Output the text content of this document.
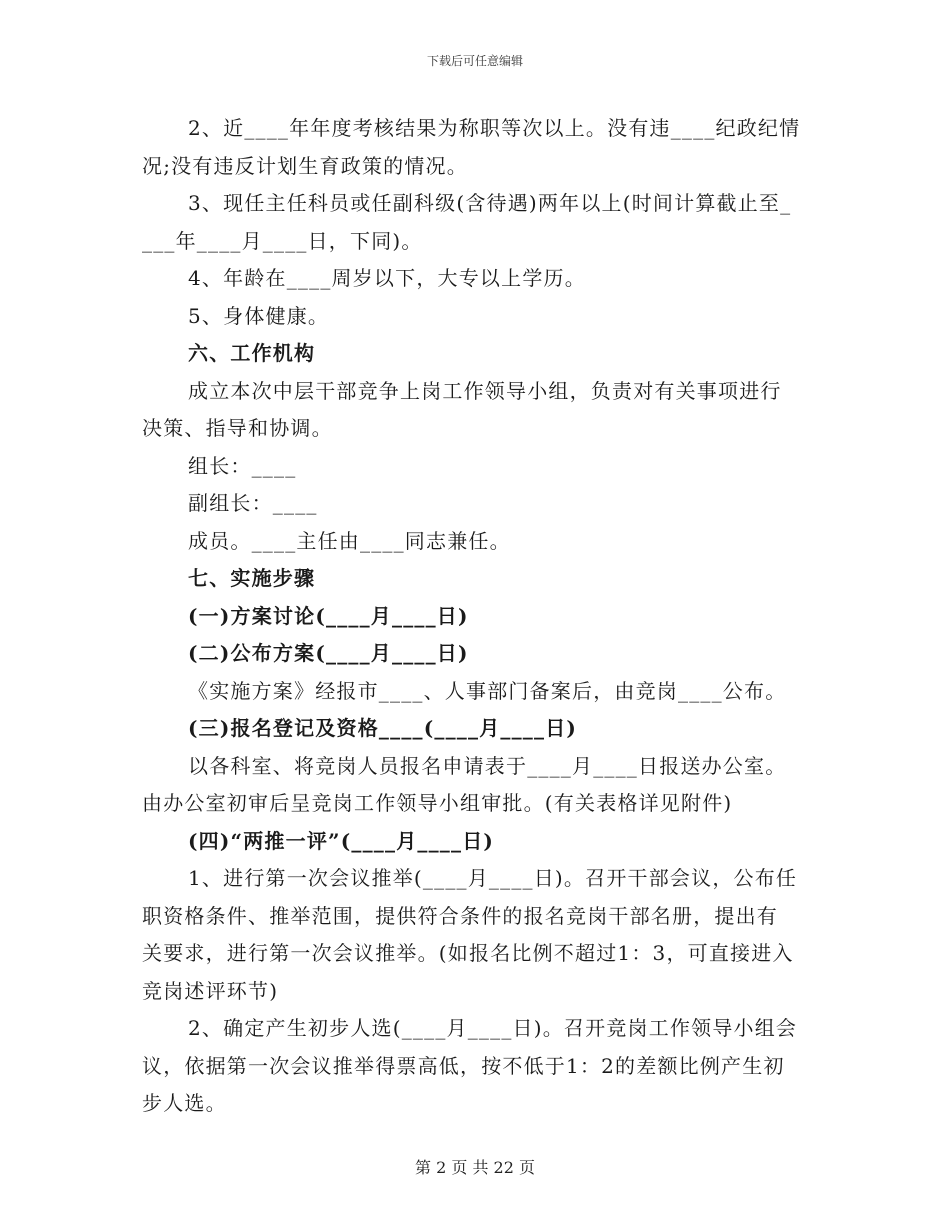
下载后可任意编辑
2、近____年年度考核结果为称职等次以上。没有违____纪政纪情
况;没有违反计划生育政策的情况。
3、现任主任科员或任副科级(含待遇)两年以上(时间计算截止至_
___年____月____日，下同)。
4、年龄在____周岁以下，大专以上学历。
5、身体健康。
六、工作机构
成立本次中层干部竞争上岗工作领导小组，负责对有关事项进行
决策、指导和协调。
组长：____
副组长：____
成员。____主任由____同志兼任。
七、实施步骤
(一)方案讨论(____月____日)
(二)公布方案(____月____日)
《实施方案》经报市____、人事部门备案后，由竞岗____公布。
(三)报名登记及资格____(____月____日)
以各科室、将竞岗人员报名申请表于____月____日报送办公室。
由办公室初审后呈竞岗工作领导小组审批。(有关表格详见附件)
(四)“两推一评”(____月____日)
1、进行第一次会议推举(____月____日)。召开干部会议，公布任
职资格条件、推举范围，提供符合条件的报名竞岗干部名册，提出有
关要求，进行第一次会议推举。(如报名比例不超过1：3，可直接进入
竞岗述评环节)
2、确定产生初步人选(____月____日)。召开竞岗工作领导小组会
议，依据第一次会议推举得票高低，按不低于1：2的差额比例产生初
步人选。
第 2 页 共 22 页
